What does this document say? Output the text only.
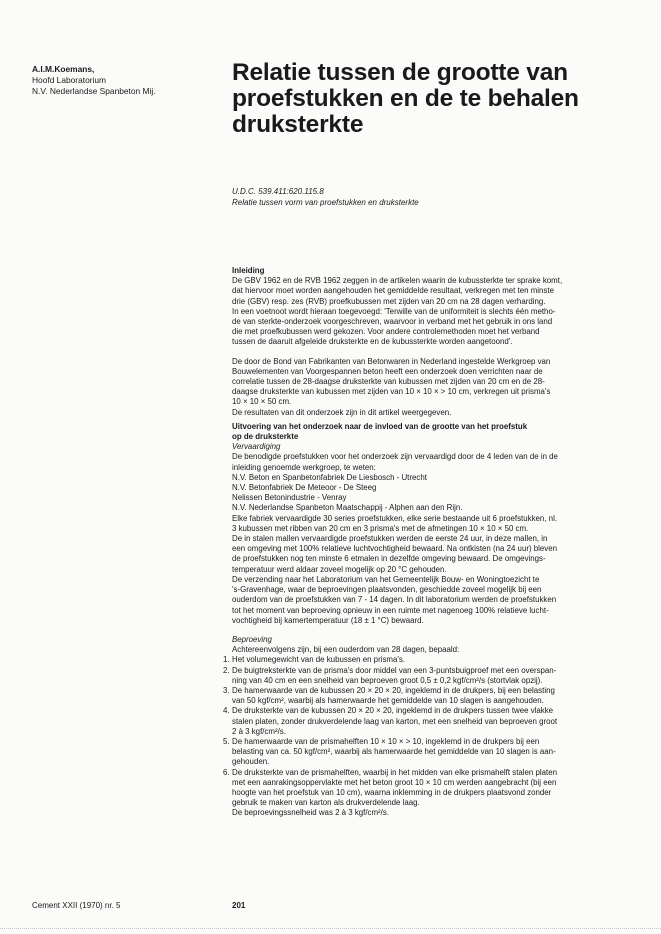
A.I.M.Koemans,
Hoofd Laboratorium
N.V. Nederlandse Spanbeton Mij.
Relatie tussen de grootte van
proefstukken en de te behalen
druksterkte
U.D.C. 539.411:620.115.8
Relatie tussen vorm van proefstukken en druksterkte

Inleiding

De GBV 1962 en de RVB 1962 zeggen in de artikelen waarin de kubussterkte ter sprake komt,

dat hiervoor moet worden aangehouden het gemiddelde resultaat, verkregen met ten minste

drie (GBV) resp. zes (RVB) proefkubussen met zijden van 20 cm na 28 dagen verharding.

In een voetnoot wordt hieraan toegevoegd: 'Terwille van de uniformiteit is slechts één metho-

de van sterkte-onderzoek voorgeschreven, waarvoor in verband met het gebruik in ons land

die met proefkubussen werd gekozen. Voor andere controlemethoden moet het verband

tussen de daaruit afgeleide druksterkte en de kubussterkte worden aangetoond'.

De door de Bond van Fabrikanten van Betonwaren in Nederland ingestelde Werkgroep van

Bouwelementen van Voorgespannen beton heeft een onderzoek doen verrichten naar de

correlatie tussen de 28-daagse druksterkte van kubussen met zijden van 20 cm en de 28-

daagse druksterkte van kubussen met zijden van 10 × 10 × > 10 cm, verkregen uit prisma's

10 × 10 × 50 cm.

De resultaten van dit onderzoek zijn in dit artikel weergegeven.

Uitvoering van het onderzoek naar de invloed van de grootte van het proefstuk

op de druksterkte

Vervaardiging

De benodigde proefstukken voor het onderzoek zijn vervaardigd door de 4 leden van de in de

inleiding genoemde werkgroep, te weten:

N.V. Beton en Spanbetonfabriek De Liesbosch - Utrecht

N.V. Betonfabriek De Meteoor - De Steeg

Nelissen Betonindustrie - Venray

N.V. Nederlandse Spanbeton Maatschappij - Alphen aan den Rijn.

Elke fabriek vervaardigde 30 series proefstukken, elke serie bestaande uit 6 proefstukken, nl.

3 kubussen met ribben van 20 cm en 3 prisma's met de afmetingen 10 × 10 × 50 cm.

De in stalen mallen vervaardigde proefstukken werden de eerste 24 uur, in deze mallen, in

een omgeving met 100% relatieve luchtvochtigheid bewaard. Na ontkisten (na 24 uur) bleven

de proefstukken nog ten minste 6 etmalen in dezelfde omgeving bewaard. De omgevings-

temperatuur werd aldaar zoveel mogelijk op 20 °C gehouden.

De verzending naar het Laboratorium van het Gemeentelijk Bouw- en Woningtoezicht te

's-Gravenhage, waar de beproevingen plaatsvonden, geschiedde zoveel mogelijk bij een

ouderdom van de proefstukken van 7 - 14 dagen. In dit laboratorium werden de proefstukken

tot het moment van beproeving opnieuw in een ruimte met nagenoeg 100% relatieve lucht-

vochtigheid bij kamertemperatuur (18 ± 1 °C) bewaard.

Beproeving

Achtereenvolgens zijn, bij een ouderdom van 28 dagen, bepaald:

1. Het volumegewicht van de kubussen en prisma's.

2. De buigtreksterkte van de prisma's door middel van een 3-puntsbuigproef met een overspan-

ning van 40 cm en een snelheid van beproeven groot 0,5 ± 0,2 kgf/cm²/s (stortvlak opzij).

3. De hamerwaarde van de kubussen 20 × 20 × 20, ingeklemd in de drukpers, bij een belasting

van 50 kgf/cm², waarbij als hamerwaarde het gemiddelde van 10 slagen is aangehouden.

4. De druksterkte van de kubussen 20 × 20 × 20, ingeklemd in de drukpers tussen twee vlakke

stalen platen, zonder drukverdelende laag van karton, met een snelheid van beproeven groot

2 à 3 kgf/cm²/s.

5. De hamerwaarde van de prismahelften 10 × 10 × > 10, ingeklemd in de drukpers bij een

belasting van ca. 50 kgf/cm², waarbij als hamerwaarde het gemiddelde van 10 slagen is aan-

gehouden.

6. De druksterkte van de prismahelften, waarbij in het midden van elke prismahelft stalen platen

met een aanrakingsoppervlakte met het beton groot 10 × 10 cm werden aangebracht (bij een

hoogte van het proefstuk van 10 cm), waarna inklemming in de drukpers plaatsvond zonder

gebruik te maken van karton als drukverdelende laag.

De beproevingssnelheid was 2 à 3 kgf/cm²/s.

Cement XXII (1970) nr. 5	201
